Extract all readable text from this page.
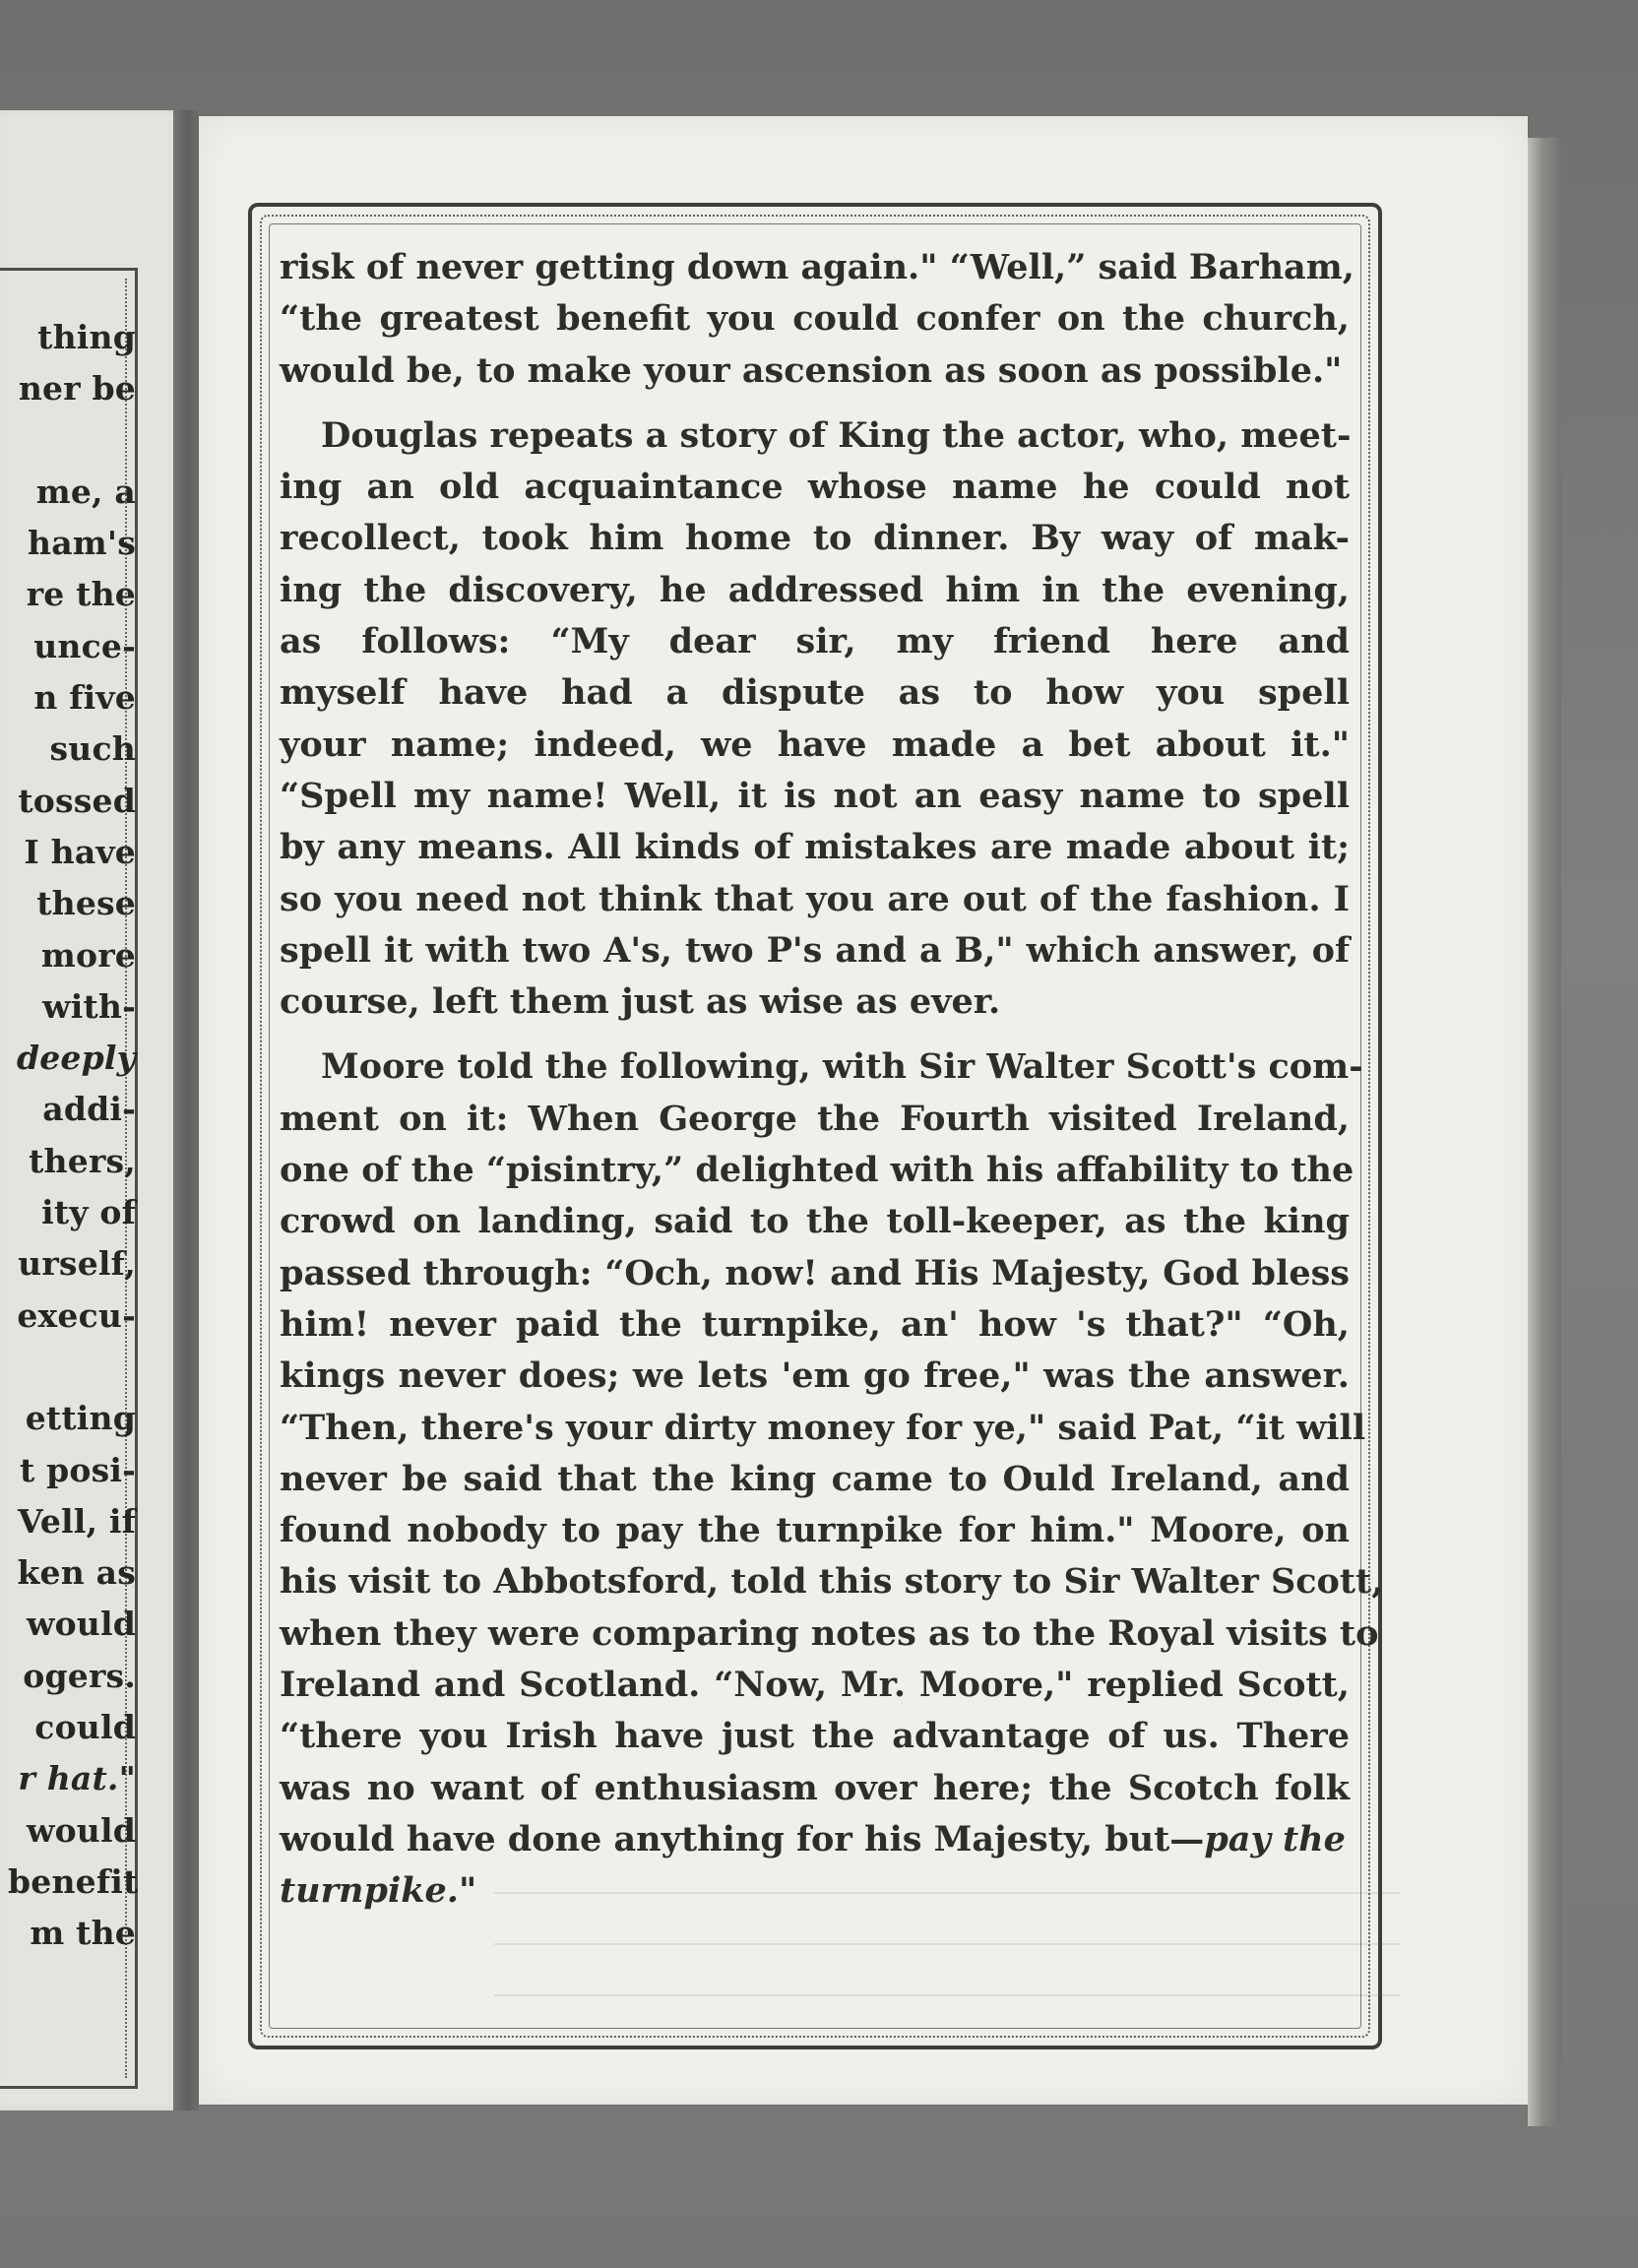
thing
ner be
me, a
ham's
re the
unce-
n five
such
tossed
I have
these
more
with-
deeply
addi-
thers,
ity of
urself,
execu-
etting
t posi-
Vell, if
ken as
would
ogers.
could
r hat."
would
benefit
m the
risk of never getting down again." “Well,” said Barham,
“the greatest benefit you could confer on the church,
would be, to make your ascension as soon as possible."
Douglas repeats a story of King the actor, who, meet-
ing an old acquaintance whose name he could not
recollect, took him home to dinner. By way of mak-
ing the discovery, he addressed him in the evening,
as follows: “My dear sir, my friend here and
myself have had a dispute as to how you spell
your name; indeed, we have made a bet about it."
“Spell my name! Well, it is not an easy name to spell
by any means. All kinds of mistakes are made about it;
so you need not think that you are out of the fashion. I
spell it with two A's, two P's and a B," which answer, of
course, left them just as wise as ever.
Moore told the following, with Sir Walter Scott's com-
ment on it: When George the Fourth visited Ireland,
one of the “pisintry,” delighted with his affability to the
crowd on landing, said to the toll-keeper, as the king
passed through: “Och, now! and His Majesty, God bless
him! never paid the turnpike, an' how 's that?" “Oh,
kings never does; we lets 'em go free," was the answer.
“Then, there's your dirty money for ye," said Pat, “it will
never be said that the king came to Ould Ireland, and
found nobody to pay the turnpike for him." Moore, on
his visit to Abbotsford, told this story to Sir Walter Scott,
when they were comparing notes as to the Royal visits to
Ireland and Scotland. “Now, Mr. Moore," replied Scott,
“there you Irish have just the advantage of us. There
was no want of enthusiasm over here; the Scotch folk
would have done anything for his Majesty, but—pay the
turnpike."
